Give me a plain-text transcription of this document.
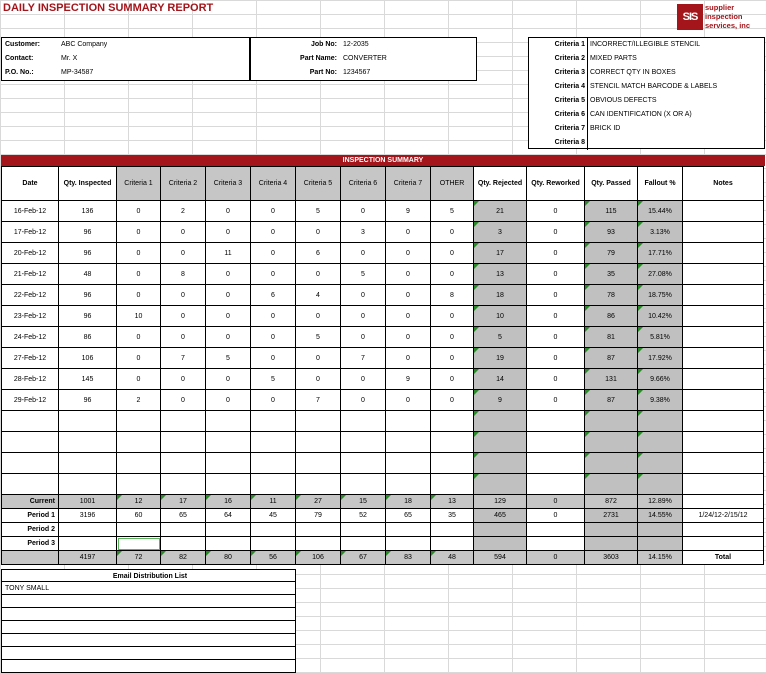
DAILY INSPECTION SUMMARY REPORT
SIS
supplier
inspection
services, inc
Customer:	ABC Company
Contact:	Mr. X
P.O. No.:	MP-34587
Job No: 12-2035
Part Name: CONVERTER
Part No: 1234567
Criteria 1 INCORRECT/ILLEGIBLE STENCIL
Criteria 2 MIXED PARTS
Criteria 3 CORRECT QTY IN BOXES
Criteria 4 STENCIL MATCH BARCODE & LABELS
Criteria 5 OBVIOUS DEFECTS
Criteria 6 CAN IDENTIFICATION (X OR A)
Criteria 7 BRICK ID
Criteria 8
INSPECTION SUMMARY
Date	Qty. Inspected	Criteria 1	Criteria 2	Criteria 3	Criteria 4	Criteria 5	Criteria 6	Criteria 7	OTHER	Qty. Rejected	Qty. Reworked	Qty. Passed	Fallout %	Notes
16-Feb-12	136	0	2	0	0	5	0	9	5	21	0	115	15.44%	
17-Feb-12	96	0	0	0	0	0	3	0	0	3	0	93	3.13%	
20-Feb-12	96	0	0	11	0	6	0	0	0	17	0	79	17.71%	
21-Feb-12	48	0	8	0	0	0	5	0	0	13	0	35	27.08%	
22-Feb-12	96	0	0	0	6	4	0	0	8	18	0	78	18.75%	
23-Feb-12	96	10	0	0	0	0	0	0	0	10	0	86	10.42%	
24-Feb-12	86	0	0	0	0	5	0	0	0	5	0	81	5.81%	
27-Feb-12	106	0	7	5	0	0	7	0	0	19	0	87	17.92%	
28-Feb-12	145	0	0	0	5	0	0	9	0	14	0	131	9.66%	
29-Feb-12	96	2	0	0	0	7	0	0	0	9	0	87	9.38%	

Current	1001	12	17	16	11	27	15	18	13	129	0	872	12.89%	
Period 1	3196	60	65	64	45	79	52	65	35	465	0	2731	14.55%	1/24/12-2/15/12
Period 2														
Period 3														
	4197	72	82	80	56	106	67	83	48	594	0	3603	14.15%	Total
Email Distribution List
TONY SMALL
